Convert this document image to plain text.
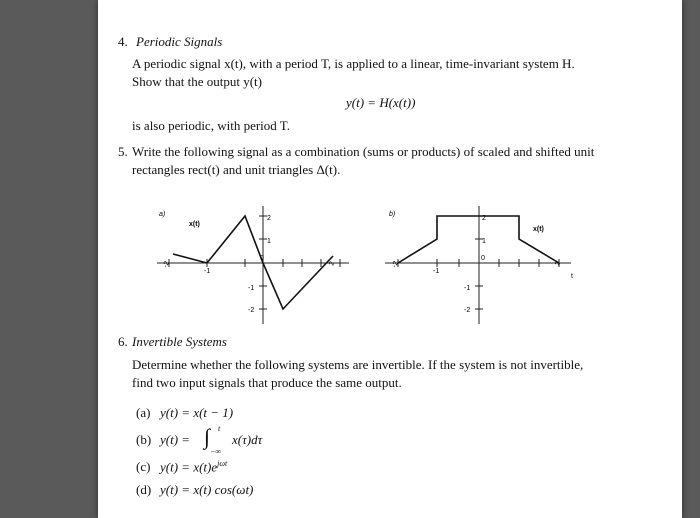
4. Periodic Signals
A periodic signal x(t), with a period T, is applied to a linear, time-invariant system H.
Show that the output y(t)
y(t) = H(x(t))
is also periodic, with period T.
5. Write the following signal as a combination (sums or products) of scaled and shifted unit
rectangles rect(t) and unit triangles Δ(t).
-2
-1
0
2
2
1
-1
-2
a)
x(t)
-2
-1
0
2
2
1
-1
-2
b)
x(t)
t
6. Invertible Systems
Determine whether the following systems are invertible. If the system is not invertible,
find two input signals that produce the same output.
(a) y(t) = x(t − 1)
(b) y(t) = ∫ t
−∞
x(τ)dτ
(c) $y(t) = x(t)e^{j\omega t}$
(d) y(t) = x(t) cos(ωt)
